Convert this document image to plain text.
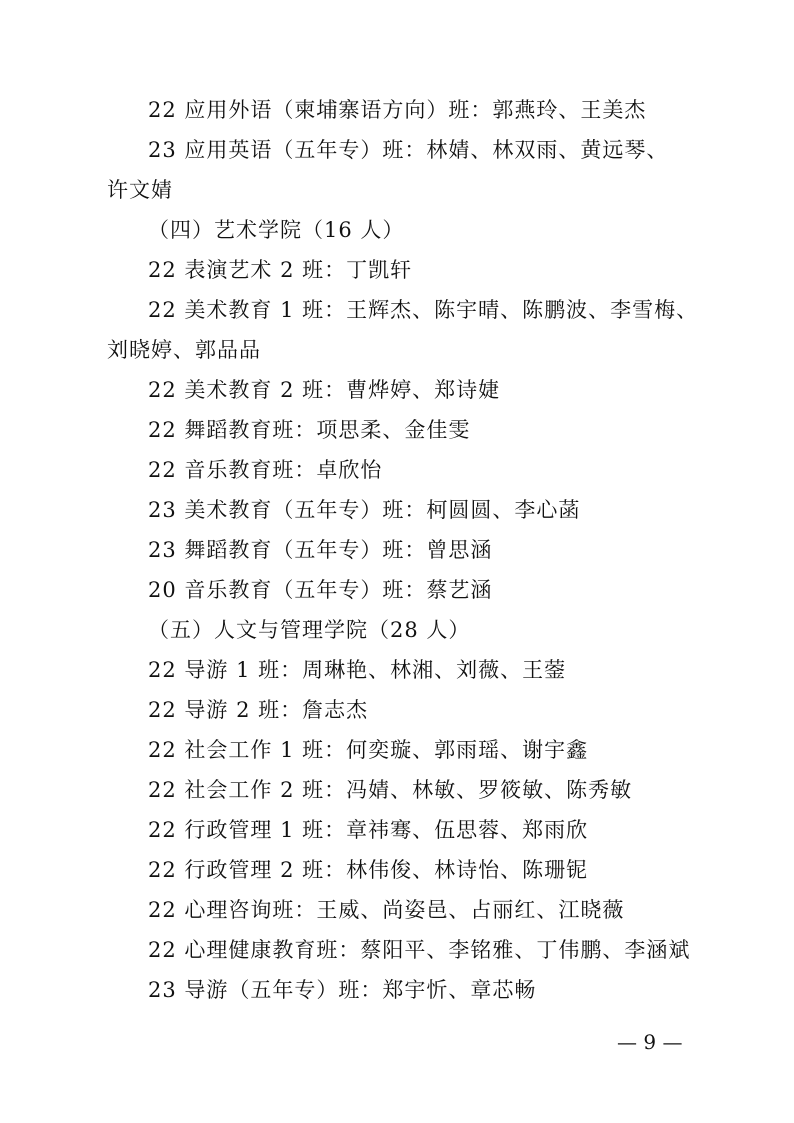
22 应用外语（柬埔寨语方向）班：郭燕玲、王美杰
23 应用英语（五年专）班：林婧、林双雨、黄远琴、
许文婧
（四）艺术学院（16 人）
22 表演艺术 2 班：丁凯轩
22 美术教育 1 班：王辉杰、陈宇晴、陈鹏波、李雪梅、
刘晓婷、郭品品
22 美术教育 2 班：曹烨婷、郑诗婕
22 舞蹈教育班：项思柔、金佳雯
22 音乐教育班：卓欣怡
23 美术教育（五年专）班：柯圆圆、李心菡
23 舞蹈教育（五年专）班：曾思涵
20 音乐教育（五年专）班：蔡艺涵
（五）人文与管理学院（28 人）
22 导游 1 班：周琳艳、林湘、刘薇、王蓥
22 导游 2 班：詹志杰
22 社会工作 1 班：何奕璇、郭雨瑶、谢宇鑫
22 社会工作 2 班：冯婧、林敏、罗筱敏、陈秀敏
22 行政管理 1 班：章祎骞、伍思蓉、郑雨欣
22 行政管理 2 班：林伟俊、林诗怡、陈珊铌
22 心理咨询班：王威、尚姿邑、占丽红、江晓薇
22 心理健康教育班：蔡阳平、李铭雅、丁伟鹏、李涵斌
23 导游（五年专）班：郑宇忻、章芯畅
— 9 —
